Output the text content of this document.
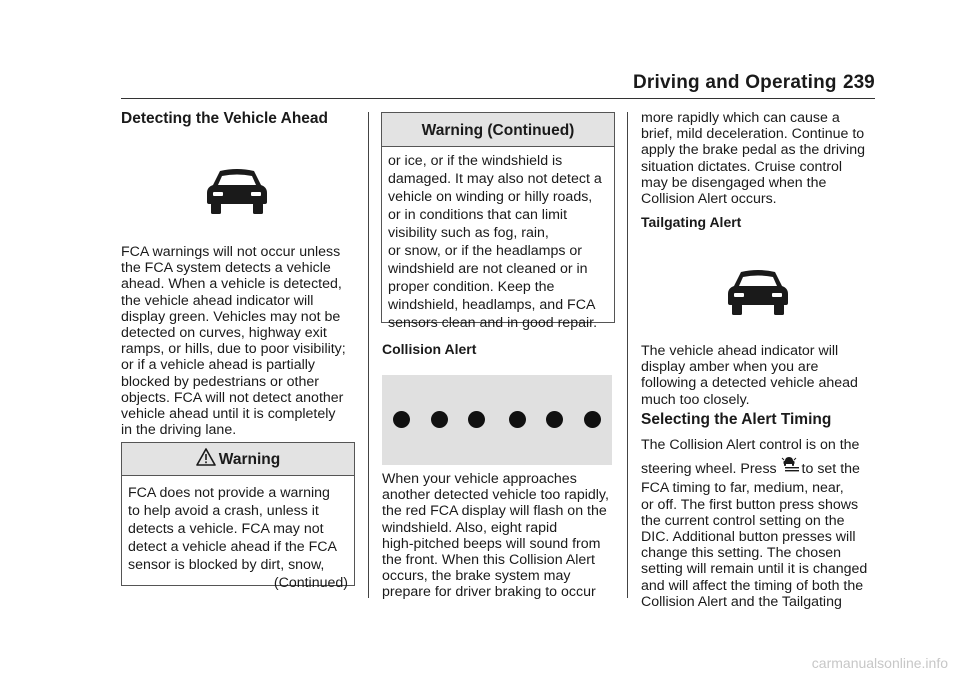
Driving and Operating 239

Detecting the Vehicle Ahead

FCA warnings will not occur unless

the FCA system detects a vehicle

ahead. When a vehicle is detected,

the vehicle ahead indicator will

display green. Vehicles may not be

detected on curves, highway exit

ramps, or hills, due to poor visibility;

or if a vehicle ahead is partially

blocked by pedestrians or other

objects. FCA will not detect another

vehicle ahead until it is completely

in the driving lane.

Warning
FCA does not provide a warning
to help avoid a crash, unless it
detects a vehicle. FCA may not
detect a vehicle ahead if the FCA
sensor is blocked by dirt, snow,
(Continued)
Warning (Continued)
or ice, or if the windshield is
damaged. It may also not detect a
vehicle on winding or hilly roads,
or in conditions that can limit
visibility such as fog, rain,
or snow, or if the headlamps or
windshield are not cleaned or in
proper condition. Keep the
windshield, headlamps, and FCA
sensors clean and in good repair.

Collision Alert

When your vehicle approaches

another detected vehicle too rapidly,

the red FCA display will flash on the

windshield. Also, eight rapid

high-pitched beeps will sound from

the front. When this Collision Alert

occurs, the brake system may

prepare for driver braking to occur

more rapidly which can cause a

brief, mild deceleration. Continue to

apply the brake pedal as the driving

situation dictates. Cruise control

may be disengaged when the

Collision Alert occurs.

Tailgating Alert

The vehicle ahead indicator will

display amber when you are

following a detected vehicle ahead

much too closely.

Selecting the Alert Timing

The Collision Alert control is on the

steering wheel. Press to set the

FCA timing to far, medium, near,

or off. The first button press shows

the current control setting on the

DIC. Additional button presses will

change this setting. The chosen

setting will remain until it is changed

and will affect the timing of both the

Collision Alert and the Tailgating

carmanualsonline.info
